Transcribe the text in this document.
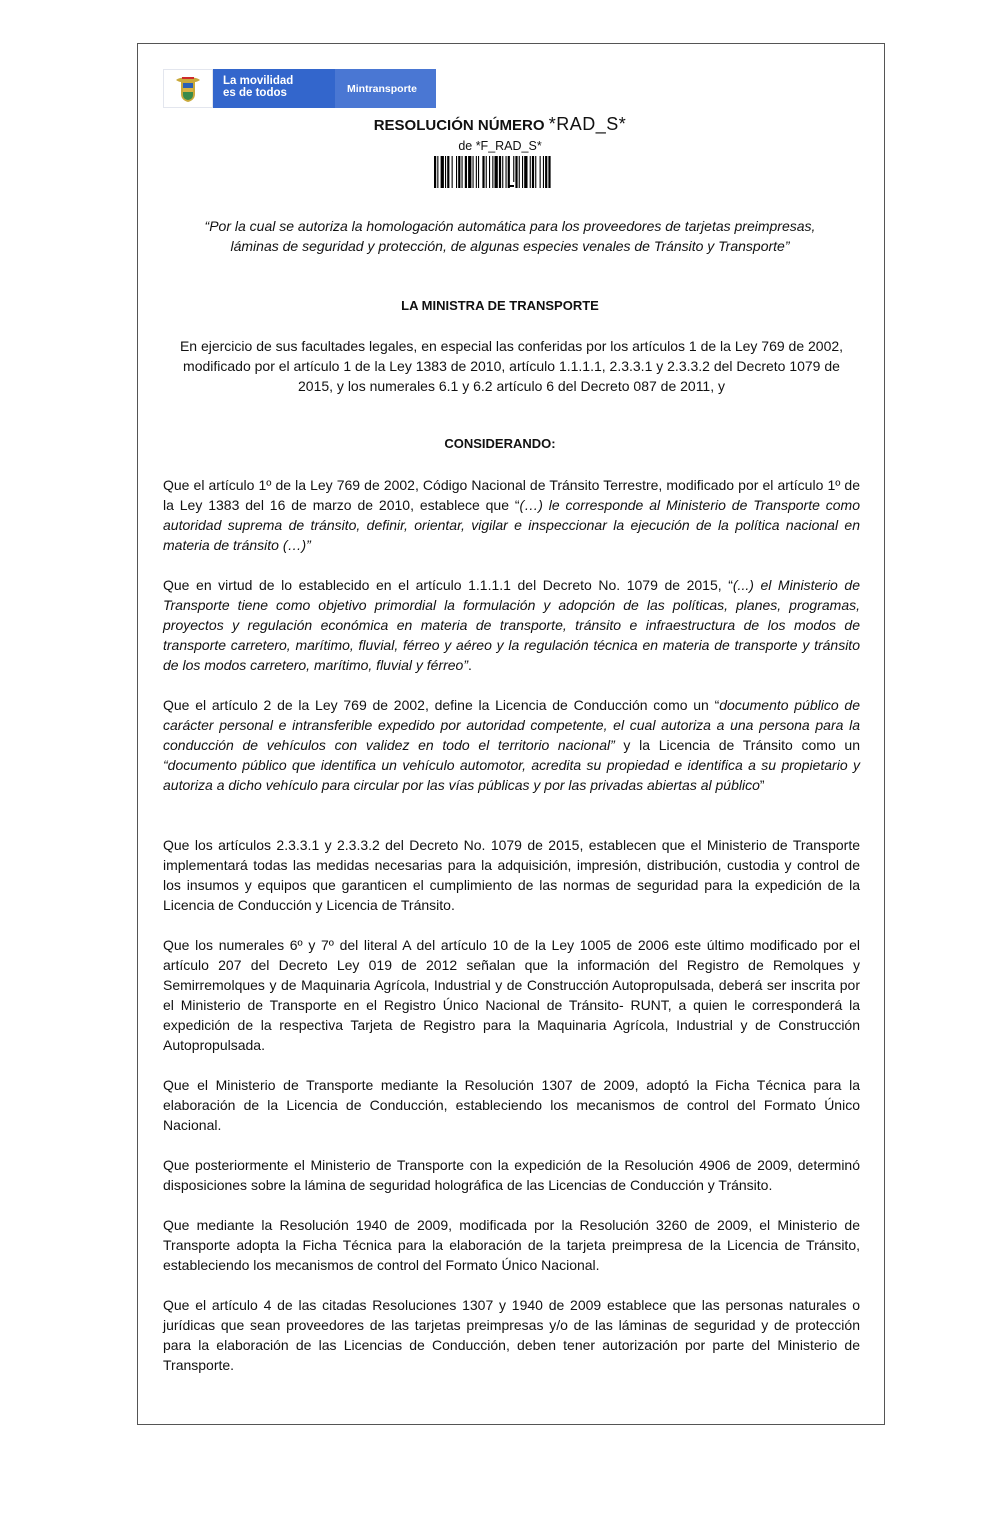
La movilidad
es de todos	Mintransporte
RESOLUCIÓN NÚMERO *RAD_S*
de *F_RAD_S*
“Por la cual se autoriza la homologación automática para los proveedores de tarjetas preimpresas,
láminas de seguridad y protección, de algunas especies venales de Tránsito y Transporte”
LA MINISTRA DE TRANSPORTE
En ejercicio de sus facultades legales, en especial las conferidas por los artículos 1 de la Ley 769 de 2002,
modificado por el artículo 1 de la Ley 1383 de 2010, artículo 1.1.1.1, 2.3.3.1 y 2.3.3.2 del Decreto 1079 de
2015, y los numerales 6.1 y 6.2 artículo 6 del Decreto 087 de 2011, y
CONSIDERANDO:

Que el artículo 1º de la Ley 769 de 2002, Código Nacional de Tránsito Terrestre, modificado por el artículo 1º de la Ley 1383 del 16 de marzo de 2010, establece que “(…) le corresponde al Ministerio de Transporte como autoridad suprema de tránsito, definir, orientar, vigilar e inspeccionar la ejecución de la política nacional en materia de tránsito (…)”

Que en virtud de lo establecido en el artículo 1.1.1.1 del Decreto No. 1079 de 2015, “(...) el Ministerio de Transporte tiene como objetivo primordial la formulación y adopción de las políticas, planes, programas, proyectos y regulación económica en materia de transporte, tránsito e infraestructura de los modos de transporte carretero, marítimo, fluvial, férreo y aéreo y la regulación técnica en materia de transporte y tránsito de los modos carretero, marítimo, fluvial y férreo”.

Que el artículo 2 de la Ley 769 de 2002, define la Licencia de Conducción como un “documento público de carácter personal e intransferible expedido por autoridad competente, el cual autoriza a una persona para la conducción de vehículos con validez en todo el territorio nacional” y la Licencia de Tránsito como un “documento público que identifica un vehículo automotor, acredita su propiedad e identifica a su propietario y autoriza a dicho vehículo para circular por las vías públicas y por las privadas abiertas al público”

Que los artículos 2.3.3.1 y 2.3.3.2 del Decreto No. 1079 de 2015, establecen que el Ministerio de Transporte implementará todas las medidas necesarias para la adquisición, impresión, distribución, custodia y control de los insumos y equipos que garanticen el cumplimiento de las normas de seguridad para la expedición de la Licencia de Conducción y Licencia de Tránsito.

Que los numerales 6º y 7º del literal A del artículo 10 de la Ley 1005 de 2006 este último modificado por el artículo 207 del Decreto Ley 019 de 2012 señalan que la información del Registro de Remolques y Semirremolques y de Maquinaria Agrícola, Industrial y de Construcción Autopropulsada, deberá ser inscrita por el Ministerio de Transporte en el Registro Único Nacional de Tránsito- RUNT, a quien le corresponderá la expedición de la respectiva Tarjeta de Registro para la Maquinaria Agrícola, Industrial y de Construcción Autopropulsada.

Que el Ministerio de Transporte mediante la Resolución 1307 de 2009, adoptó la Ficha Técnica para la elaboración de la Licencia de Conducción, estableciendo los mecanismos de control del Formato Único Nacional.

Que posteriormente el Ministerio de Transporte con la expedición de la Resolución 4906 de 2009, determinó disposiciones sobre la lámina de seguridad holográfica de las Licencias de Conducción y Tránsito.

Que mediante la Resolución 1940 de 2009, modificada por la Resolución 3260 de 2009, el Ministerio de Transporte adopta la Ficha Técnica para la elaboración de la tarjeta preimpresa de la Licencia de Tránsito, estableciendo los mecanismos de control del Formato Único Nacional.

Que el artículo 4 de las citadas Resoluciones 1307 y 1940 de 2009 establece que las personas naturales o jurídicas que sean proveedores de las tarjetas preimpresas y/o de las láminas de seguridad y de protección para la elaboración de las Licencias de Conducción, deben tener autorización por parte del Ministerio de Transporte.
